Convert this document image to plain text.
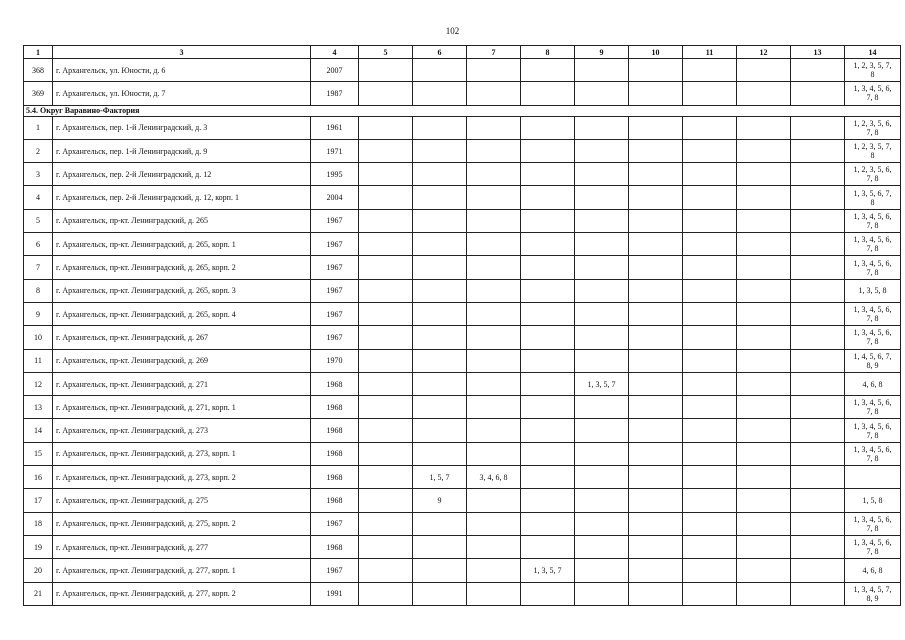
102
1	3	4	5	6	7	8	9	10	11	12	13	14
368	г. Архангельск, ул. Юности, д. 6	2007										1, 2, 3, 5, 7, 8
369	г. Архангельск, ул. Юности, д. 7	1987										1, 3, 4, 5, 6, 7, 8
5.4. Округ Варавино-Фактория												
1	г. Архангельск, пер. 1-й Ленинградский, д. 3	1961										1, 2, 3, 5, 6, 7, 8
2	г. Архангельск, пер. 1-й Ленинградский, д. 9	1971										1, 2, 3, 5, 7, 8
3	г. Архангельск, пер. 2-й Ленинградский, д. 12	1995										1, 2, 3, 5, 6, 7, 8
4	г. Архангельск, пер. 2-й Ленинградский, д. 12, корп. 1	2004										1, 3, 5, 6, 7, 8
5	г. Архангельск, пр-кт. Ленинградский, д. 265	1967										1, 3, 4, 5, 6, 7, 8
6	г. Архангельск, пр-кт. Ленинградский, д. 265, корп. 1	1967										1, 3, 4, 5, 6, 7, 8
7	г. Архангельск, пр-кт. Ленинградский, д. 265, корп. 2	1967										1, 3, 4, 5, 6, 7, 8
8	г. Архангельск, пр-кт. Ленинградский, д. 265, корп. 3	1967										1, 3, 5, 8
9	г. Архангельск, пр-кт. Ленинградский, д. 265, корп. 4	1967										1, 3, 4, 5, 6, 7, 8
10	г. Архангельск, пр-кт. Ленинградский, д. 267	1967										1, 3, 4, 5, 6, 7, 8
11	г. Архангельск, пр-кт. Ленинградский, д. 269	1970										1, 4, 5, 6, 7, 8, 9
12	г. Архангельск, пр-кт. Ленинградский, д. 271	1968					1, 3, 5, 7					4, 6, 8
13	г. Архангельск, пр-кт. Ленинградский, д. 271, корп. 1	1968										1, 3, 4, 5, 6, 7, 8
14	г. Архангельск, пр-кт. Ленинградский, д. 273	1968										1, 3, 4, 5, 6, 7, 8
15	г. Архангельск, пр-кт. Ленинградский, д. 273, корп. 1	1968										1, 3, 4, 5, 6, 7, 8
16	г. Архангельск, пр-кт. Ленинградский, д. 273, корп. 2	1968		1, 5, 7	3, 4, 6, 8							
17	г. Архангельск, пр-кт. Ленинградский, д. 275	1968		9								1, 5, 8
18	г. Архангельск, пр-кт. Ленинградский, д. 275, корп. 2	1967										1, 3, 4, 5, 6, 7, 8
19	г. Архангельск, пр-кт. Ленинградский, д. 277	1968										1, 3, 4, 5, 6, 7, 8
20	г. Архангельск, пр-кт. Ленинградский, д. 277, корп. 1	1967				1, 3, 5, 7						4, 6, 8
21	г. Архангельск, пр-кт. Ленинградский, д. 277, корп. 2	1991										1, 3, 4, 5, 7, 8, 9
